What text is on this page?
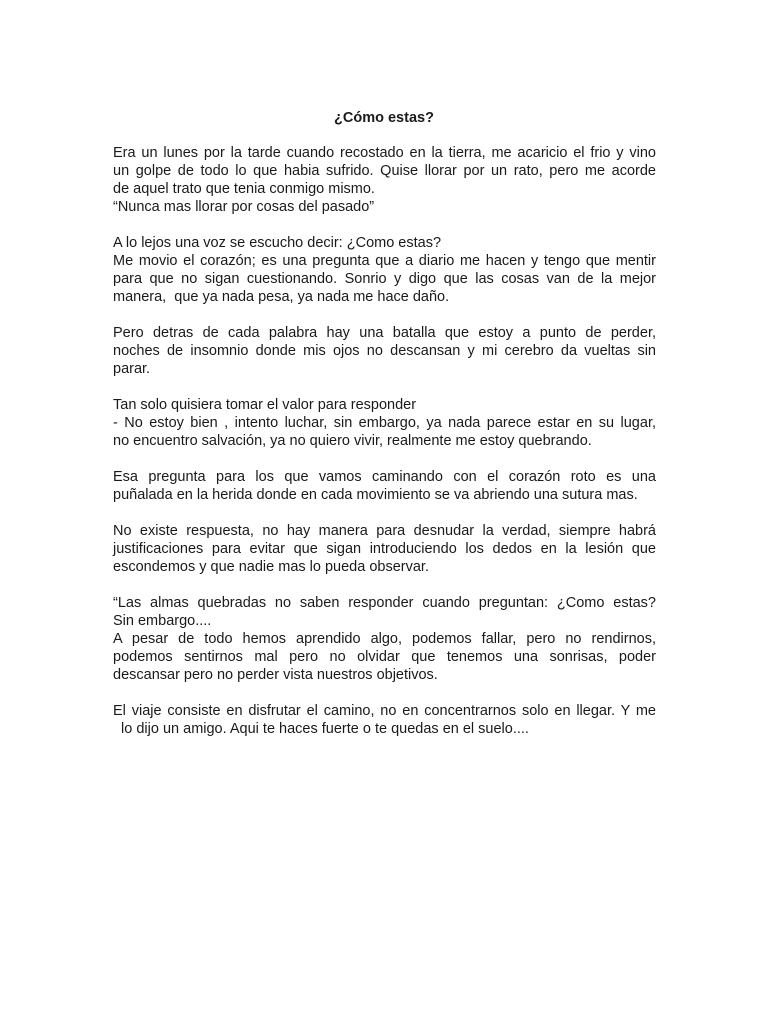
¿Cómo estas?
Era un lunes por la tarde cuando recostado en la tierra, me acaricio el frio y vino
un golpe de todo lo que habia sufrido. Quise llorar por un rato, pero me acorde
de aquel trato que tenia conmigo mismo.
“Nunca mas llorar por cosas del pasado”
A lo lejos una voz se escucho decir: ¿Como estas?
Me movio el corazón; es una pregunta que a diario me hacen y tengo que mentir
para que no sigan cuestionando. Sonrio y digo que las cosas van de la mejor
manera,  que ya nada pesa, ya nada me hace daño.
Pero detras de cada palabra hay una batalla que estoy a punto de perder,
noches de insomnio donde mis ojos no descansan y mi cerebro da vueltas sin
parar.
Tan solo quisiera tomar el valor para responder
- No estoy bien , intento luchar, sin embargo, ya nada parece estar en su lugar,
no encuentro salvación, ya no quiero vivir, realmente me estoy quebrando.
Esa pregunta para los que vamos caminando con el corazón roto es una
puñalada en la herida donde en cada movimiento se va abriendo una sutura mas.
No existe respuesta, no hay manera para desnudar la verdad, siempre habrá
justificaciones para evitar que sigan introduciendo los dedos en la lesión que
escondemos y que nadie mas lo pueda observar.
“Las almas quebradas no saben responder cuando preguntan: ¿Como estas?
Sin embargo....
A pesar de todo hemos aprendido algo, podemos fallar, pero no rendirnos,
podemos sentirnos mal pero no olvidar que tenemos una sonrisas, poder
descansar pero no perder vista nuestros objetivos.
El viaje consiste en disfrutar el camino, no en concentrarnos solo en llegar. Y me
lo dijo un amigo. Aqui te haces fuerte o te quedas en el suelo....
